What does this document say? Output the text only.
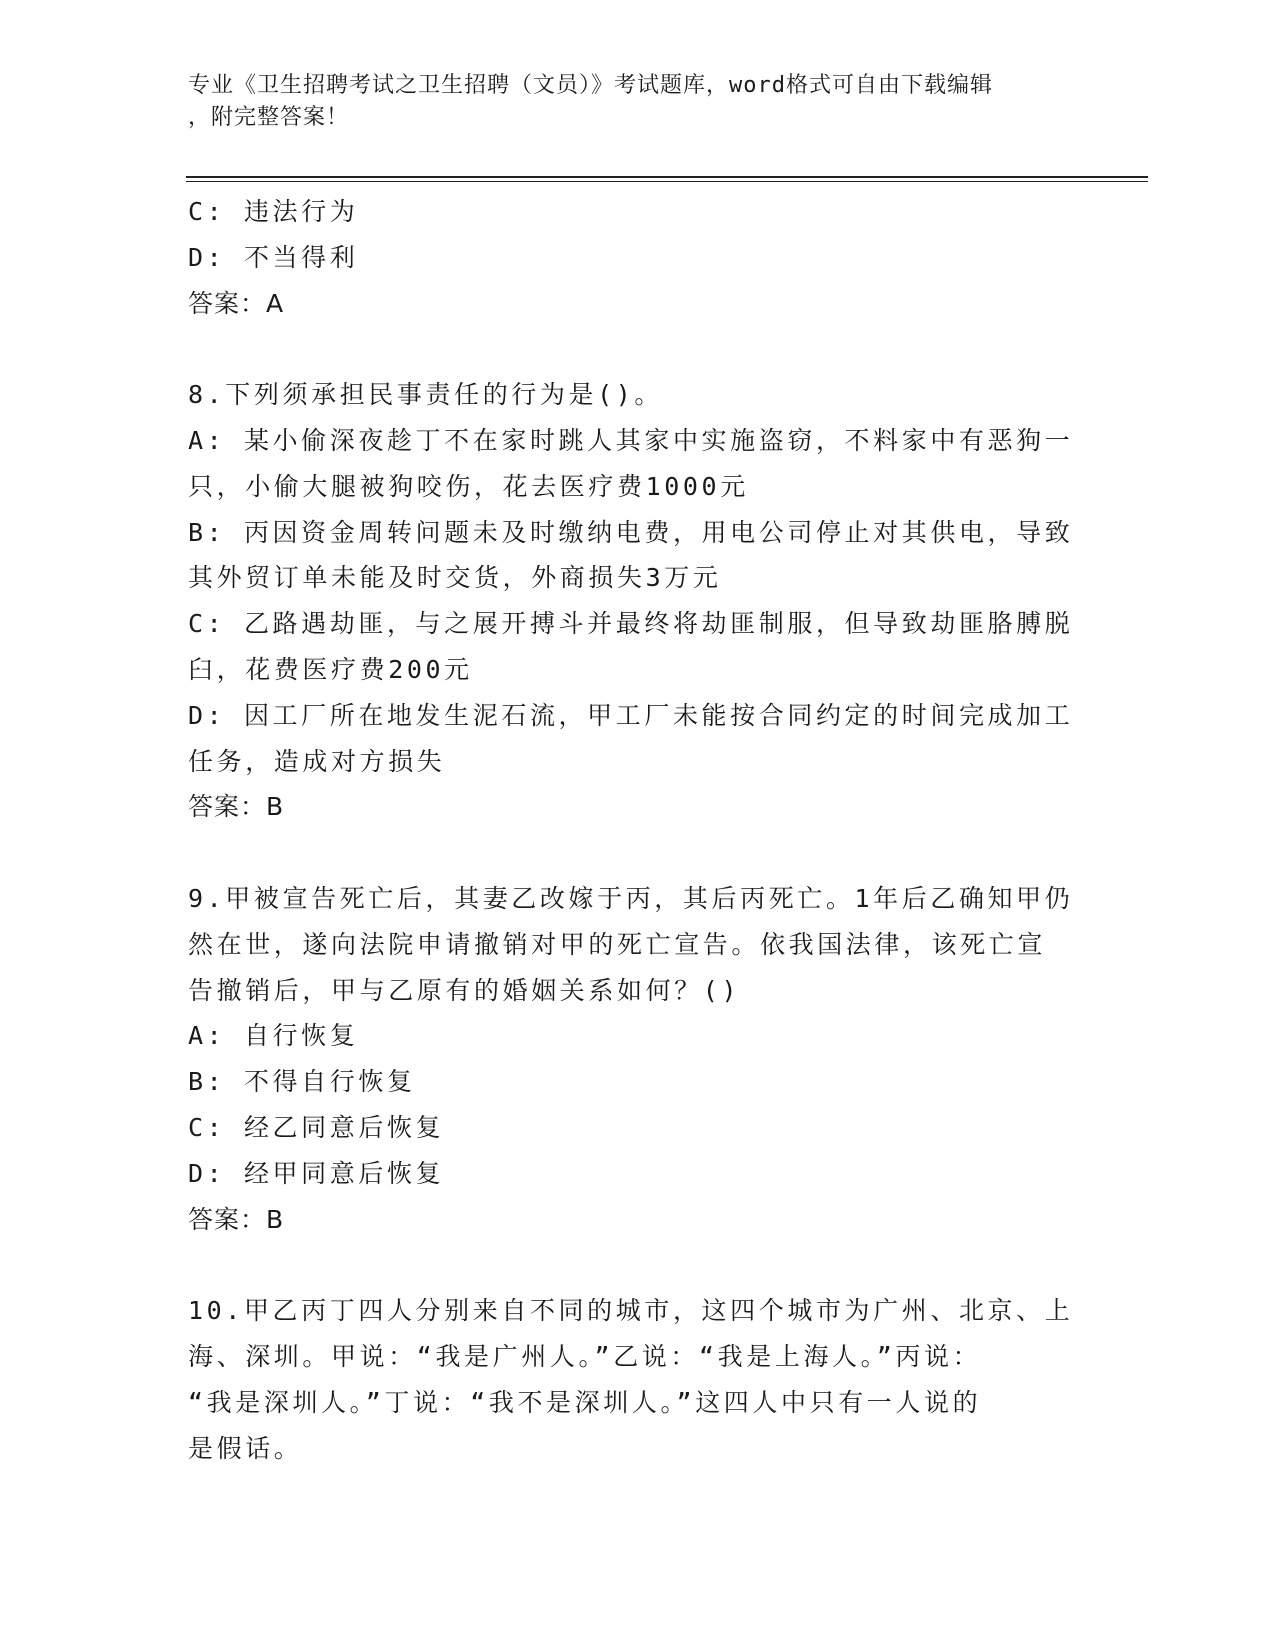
专业《卫生招聘考试之卫生招聘（文员）》考试题库，word格式可自由下载编辑
，附完整答案！
C: 违法行为
D: 不当得利
答案：A
8.下列须承担民事责任的行为是()。
A: 某小偷深夜趁丁不在家时跳人其家中实施盗窃，不料家中有恶狗一
只，小偷大腿被狗咬伤，花去医疗费1000元
B: 丙因资金周转问题未及时缴纳电费，用电公司停止对其供电，导致
其外贸订单未能及时交货，外商损失3万元
C: 乙路遇劫匪，与之展开搏斗并最终将劫匪制服，但导致劫匪胳膊脱
臼，花费医疗费200元
D: 因工厂所在地发生泥石流，甲工厂未能按合同约定的时间完成加工
任务，造成对方损失
答案：B
9.甲被宣告死亡后，其妻乙改嫁于丙，其后丙死亡。1年后乙确知甲仍
然在世，遂向法院申请撤销对甲的死亡宣告。依我国法律，该死亡宣
告撤销后，甲与乙原有的婚姻关系如何？()
A: 自行恢复
B: 不得自行恢复
C: 经乙同意后恢复
D: 经甲同意后恢复
答案：B
10.甲乙丙丁四人分别来自不同的城市，这四个城市为广州、北京、上
海、深圳。甲说：“我是广州人。”乙说：“我是上海人。”丙说：
“我是深圳人。”丁说：“我不是深圳人。”这四人中只有一人说的
是假话。
